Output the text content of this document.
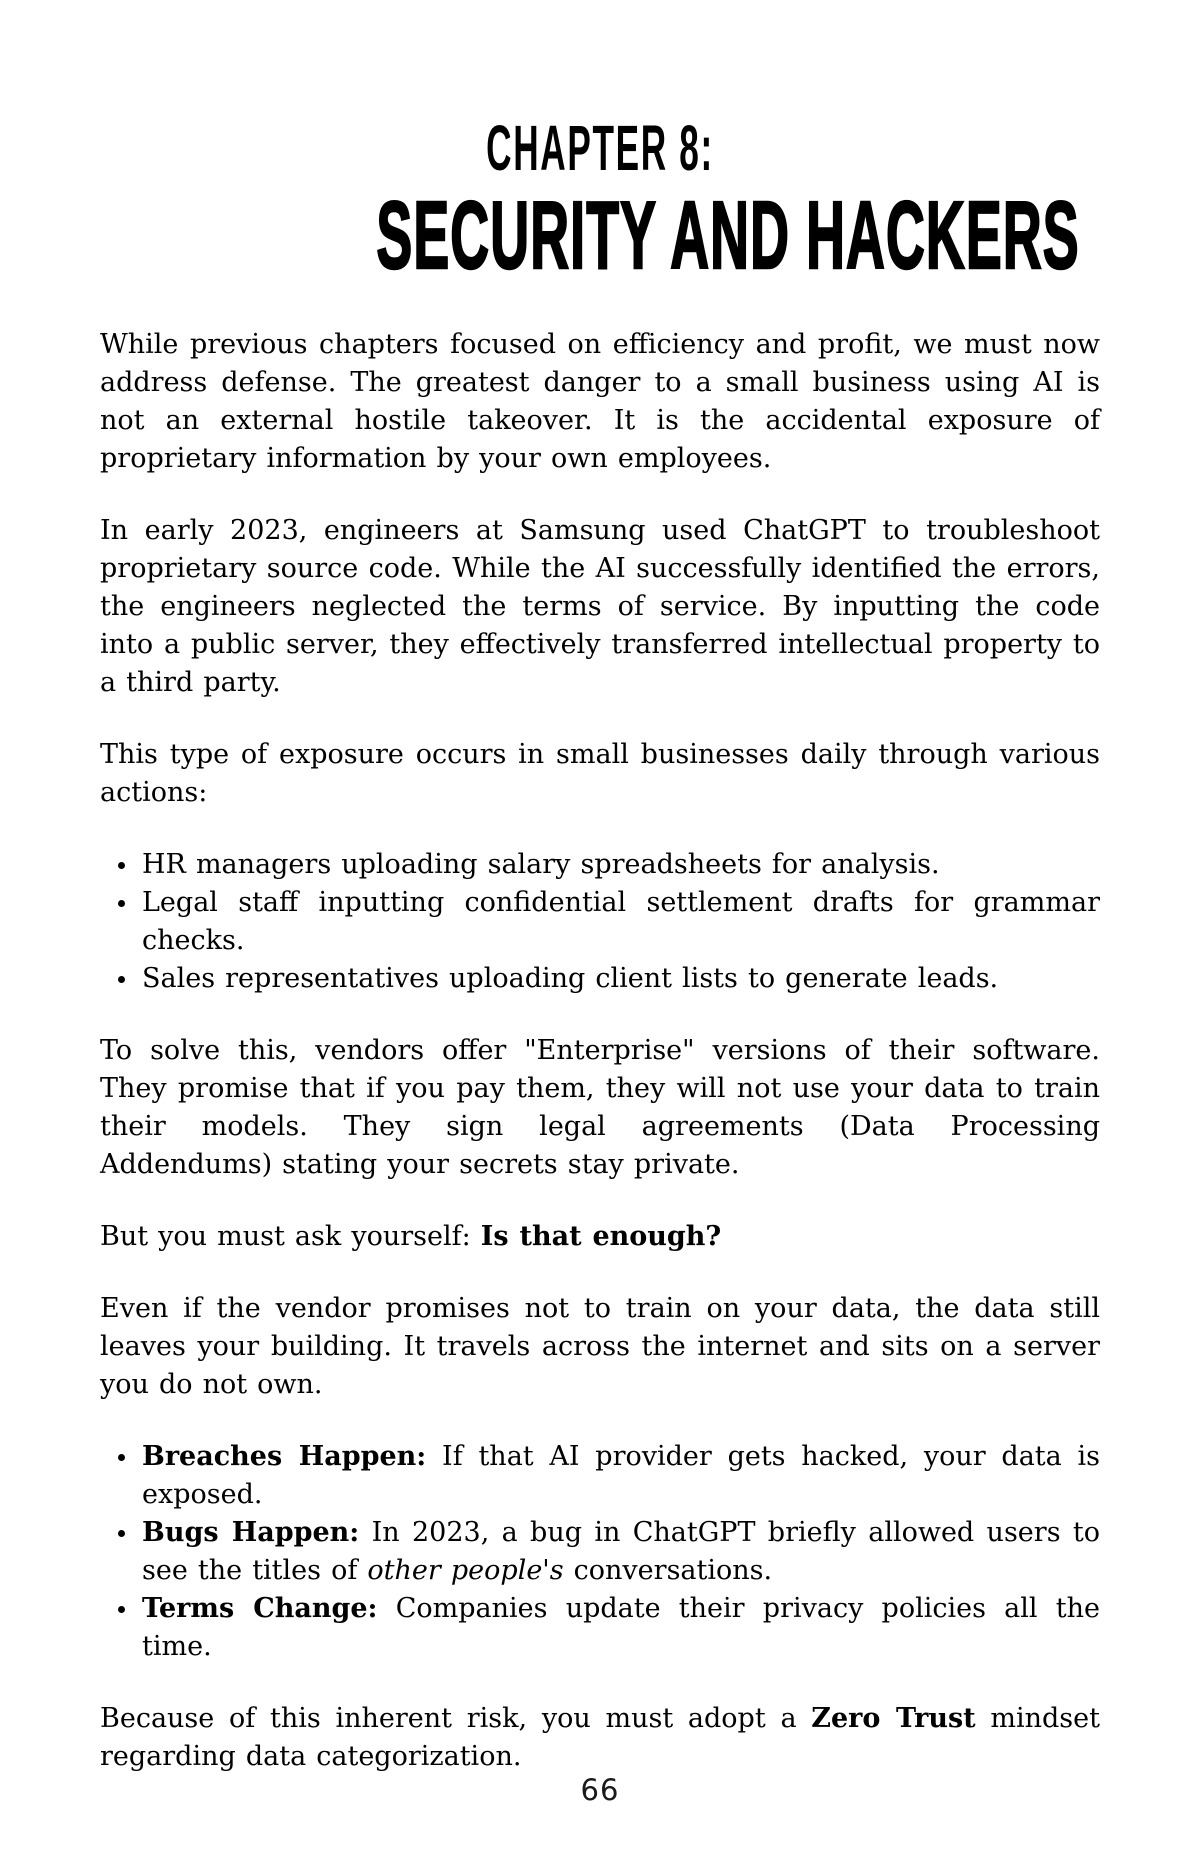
CHAPTER 8:
SECURITY AND HACKERS

While previous chapters focused on efficiency and profit, we must now address defense. The greatest danger to a small business using AI is not an external hostile takeover. It is the accidental exposure of proprietary information by your own employees.

In early 2023, engineers at Samsung used ChatGPT to troubleshoot proprietary source code. While the AI successfully identified the errors, the engineers neglected the terms of service. By inputting the code into a public server, they effectively transferred intellectual property to a third party.

This type of exposure occurs in small businesses daily through various actions:

HR managers uploading salary spreadsheets for analysis.
Legal staff inputting confidential settlement drafts for grammar checks.
Sales representatives uploading client lists to generate leads.

To solve this, vendors offer "Enterprise" versions of their software. They promise that if you pay them, they will not use your data to train their models. They sign legal agreements (Data Processing Addendums) stating your secrets stay private.

But you must ask yourself: Is that enough?

Even if the vendor promises not to train on your data, the data still leaves your building. It travels across the internet and sits on a server you do not own.

Breaches Happen: If that AI provider gets hacked, your data is exposed.
Bugs Happen: In 2023, a bug in ChatGPT briefly allowed users to see the titles of other people's conversations.
Terms Change: Companies update their privacy policies all the time.

Because of this inherent risk, you must adopt a Zero Trust mindset regarding data categorization.

66
